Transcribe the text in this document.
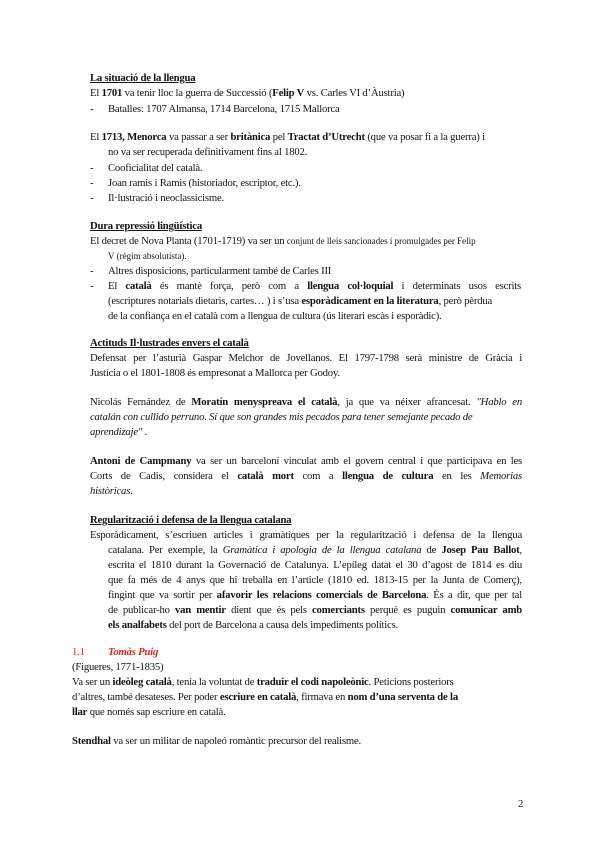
La situació de la llengua
El 1701 va tenir lloc la guerra de Successió (Felip V vs. Carles VI d’Àustria)
- Batalles: 1707 Almansa, 1714 Barcelona, 1715 Mallorca
El 1713, Menorca va passar a ser britànica pel Tractat d’Utrecht (que va posar fi a la guerra) i
no va ser recuperada definitivament fins al 1802.
- Cooficialitat del català.
- Joan ramis i Ramis (historiador, escriptor, etc.).
- Il·lustració i neoclassicisme.
Dura repressió lingüística
El decret de Nova Planta (1701-1719) va ser un conjunt de lleis sancionades i promulgades per Felip
V (règim absolutista).
- Altres disposicions, particularment també de Carles III
- El català és mantè força, però com a llengua col·loquial i determinats usos escrits
(escriptures notarials dietaris, cartes… ) i s’usa esporàdicament en la literatura, però pèrdua
de la confiança en el català com a llengua de cultura (ús literari escàs i esporàdic).
Actituds Il·lustrades envers el català
Defensat per l’asturià Gaspar Melchor de Jovellanos. El 1797-1798 serà ministre de Gràcia i
Justícia o el 1801-1808 és empresonat a Mallorca per Godoy.
Nicolás Fernández de Moratín menyspreava el català, ja que va néixer afrancesat. "Hablo en
catalán con cullido perruno. Sí que son grandes mis pecados para tener semejante pecado de
aprendizaje" .
Antoni de Campmany va ser un barceloní vinculat amb el govern central i que participava en les
Corts de Cadis, considera el català mort com a llengua de cultura en les Memorias
històricas.
Regularització i defensa de la llengua catalana
Esporàdicament, s’escriuen articles i gramàtiques per la regularització i defensa de la llengua
catalana. Per exemple, la Gramàtica i apologia de la llengua catalana de Josep Pau Ballot,
escrita el 1810 durant la Governació de Catalunya. L’epíleg datat el 30 d’agost de 1814 es diu
que fa més de 4 anys que hi treballa en l’article (1810 ed. 1813-15 per la Junta de Comerç),
fingint que va sortir per afavorir les relacions comercials de Barcelona. És a dir, que per tal
de publicar-ho van mentir dient que és pels comerciants perquè es puguin comunicar amb
els analfabets del port de Barcelona a causa dels impediments polítics.
1.1 Tomàs Puig
(Figueres, 1771-1835)
Va ser un ideòleg català, tenia la voluntat de traduir el codi napoleònic. Peticions posteriors
d’altres, també desateses. Per poder escriure en català, firmava en nom d’una serventa de la
llar que només sap escriure en català.
Stendhal va ser un militar de napoleó romàntic precursor del realisme.
2
